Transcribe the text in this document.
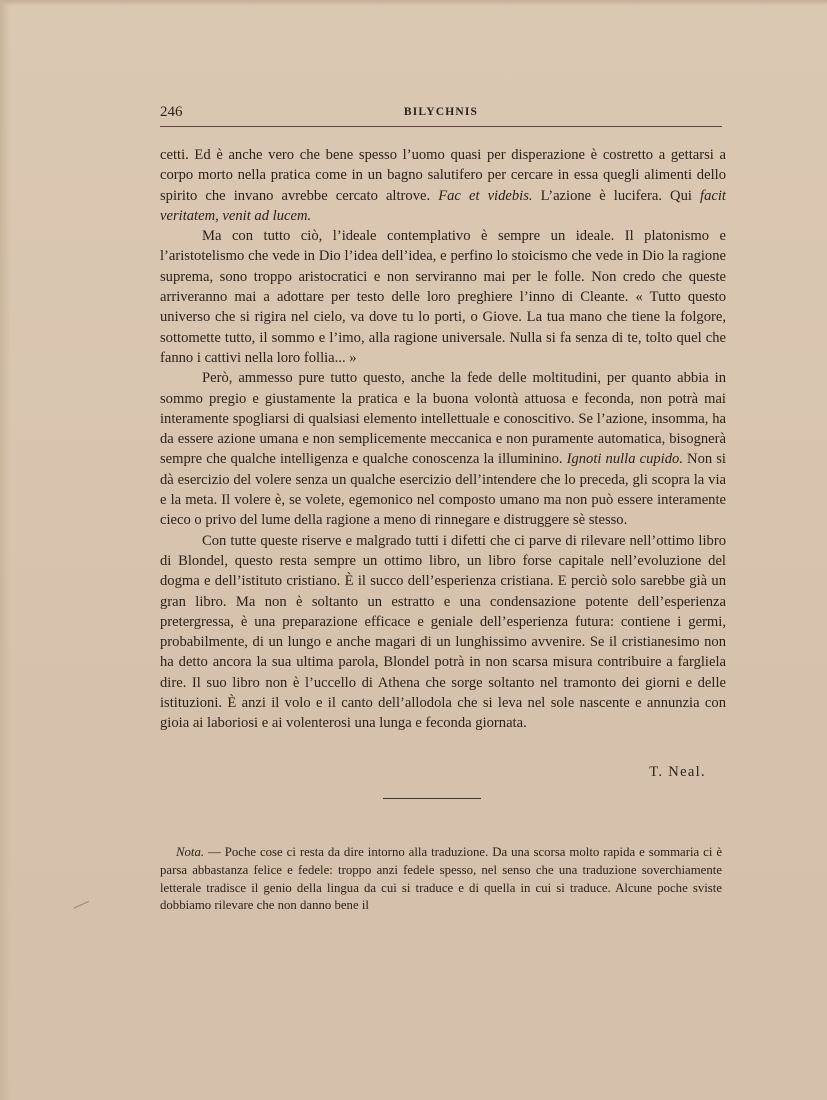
246	BILYCHNIS

cetti. Ed è anche vero che bene spesso l’uomo quasi per disperazione è costretto a gettarsi a corpo morto nella pratica come in un bagno salutifero per cercare in essa quegli alimenti dello spirito che invano avrebbe cercato altrove. Fac et videbis. L’azione è lucifera. Qui facit veritatem, venit ad lucem.

Ma con tutto ciò, l’ideale contemplativo è sempre un ideale. Il platonismo e l’aristotelismo che vede in Dio l’idea dell’idea, e perfino lo stoicismo che vede in Dio la ragione suprema, sono troppo aristocratici e non serviranno mai per le folle. Non credo che queste arriveranno mai a adottare per testo delle loro preghiere l’inno di Cleante. « Tutto questo universo che si rigira nel cielo, va dove tu lo porti, o Giove. La tua mano che tiene la folgore, sottomette tutto, il sommo e l’imo, alla ragione universale. Nulla si fa senza di te, tolto quel che fanno i cattivi nella loro follia... »

Però, ammesso pure tutto questo, anche la fede delle moltitudini, per quanto abbia in sommo pregio e giustamente la pratica e la buona volontà attuosa e feconda, non potrà mai interamente spogliarsi di qualsiasi elemento intellettuale e conoscitivo. Se l’azione, insomma, ha da essere azione umana e non semplicemente meccanica e non puramente automatica, bisognerà sempre che qualche intelligenza e qualche conoscenza la illuminino. Ignoti nulla cupido. Non si dà esercizio del volere senza un qualche esercizio dell’intendere che lo preceda, gli scopra la via e la meta. Il volere è, se volete, egemonico nel composto umano ma non può essere interamente cieco o privo del lume della ragione a meno di rinnegare e distruggere sè stesso.

Con tutte queste riserve e malgrado tutti i difetti che ci parve di rilevare nell’ottimo libro di Blondel, questo resta sempre un ottimo libro, un libro forse capitale nell’evoluzione del dogma e dell’istituto cristiano. È il succo dell’esperienza cristiana. E perciò solo sarebbe già un gran libro. Ma non è soltanto un estratto e una condensazione potente dell’esperienza pretergressa, è una preparazione efficace e geniale dell’esperienza futura: contiene i germi, probabilmente, di un lungo e anche magari di un lunghissimo avvenire. Se il cristianesimo non ha detto ancora la sua ultima parola, Blondel potrà in non scarsa misura contribuire a fargliela dire. Il suo libro non è l’uccello di Athena che sorge soltanto nel tramonto dei giorni e delle istituzioni. È anzi il volo e il canto dell’allodola che si leva nel sole nascente e annunzia con gioia ai laboriosi e ai volenterosi una lunga e feconda giornata.

T. Neal.

Nota. — Poche cose ci resta da dire intorno alla traduzione. Da una scorsa molto rapida e sommaria ci è parsa abbastanza felice e fedele: troppo anzi fedele spesso, nel senso che una traduzione soverchiamente letterale tradisce il genio della lingua da cui si traduce e di quella in cui si traduce. Alcune poche sviste dobbiamo rilevare che non danno bene il
